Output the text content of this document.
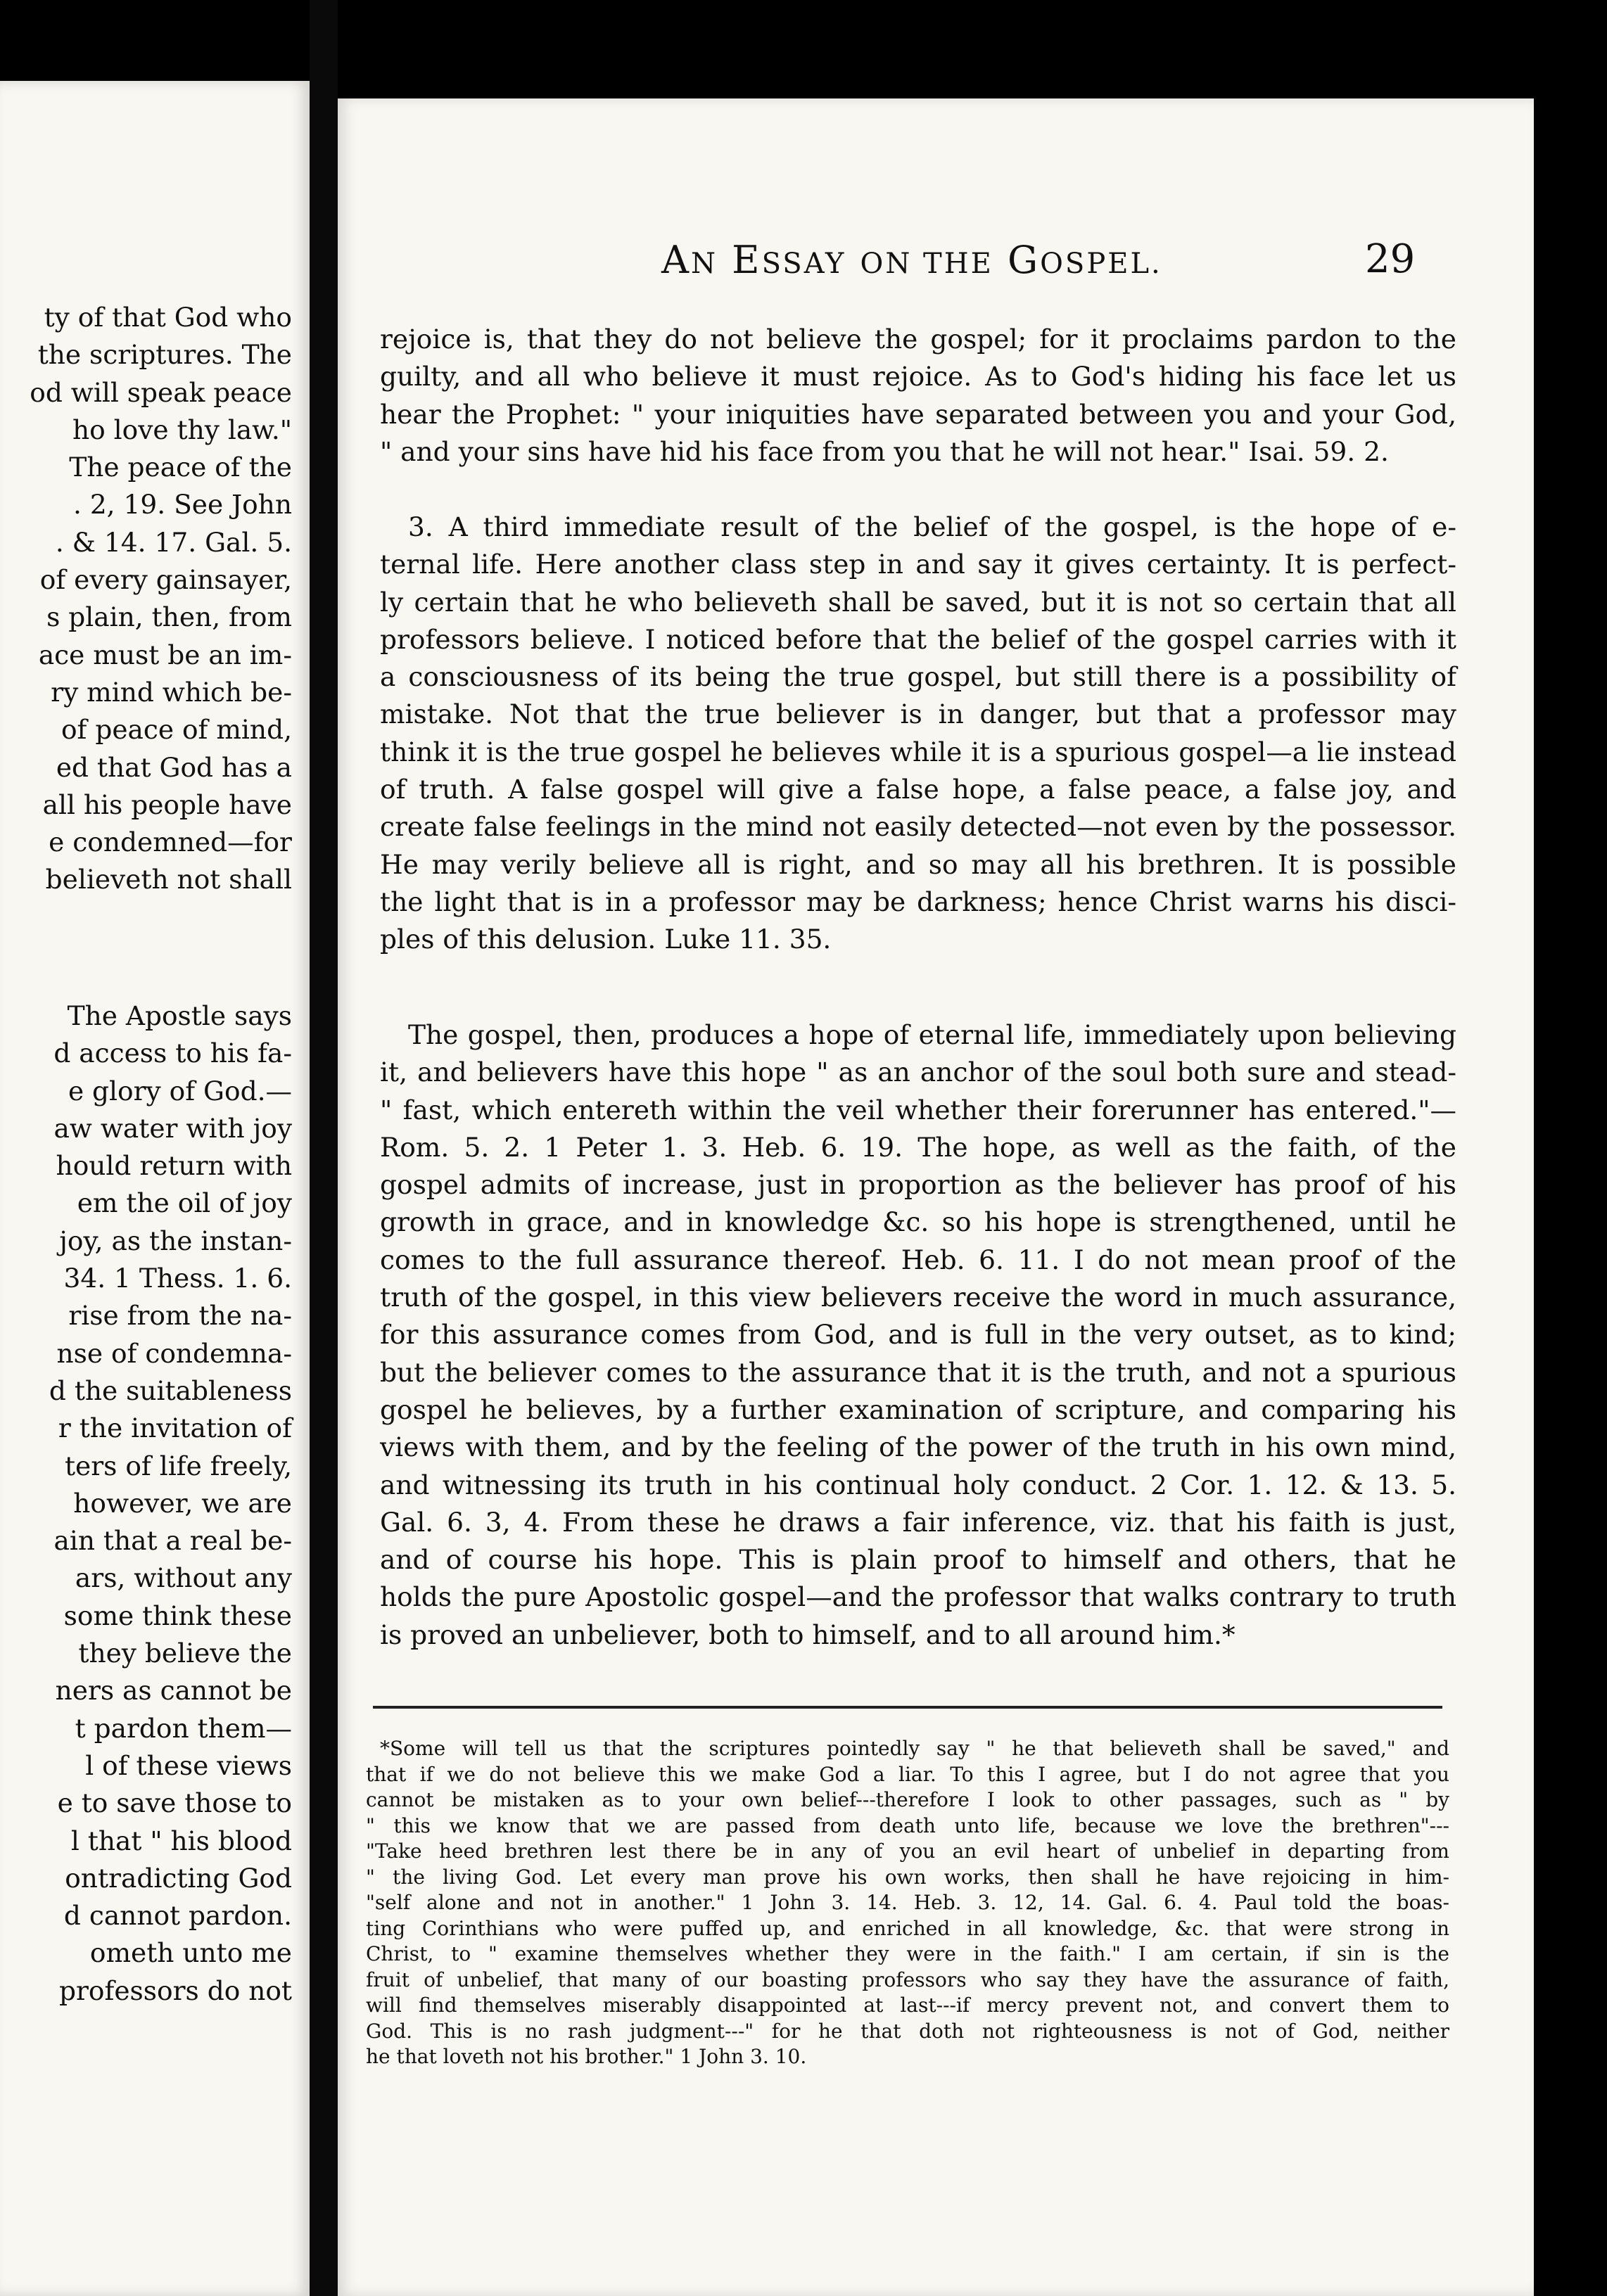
ty of that God who

the scriptures. The

od will speak peace

ho love thy law."

The peace of the

. 2, 19. See John

. & 14. 17. Gal. 5.

of every gainsayer,

s plain, then, from

ace must be an im-

ry mind which be-

of peace of mind,

ed that God has a

all his people have

e condemned—for

believeth not shall

The Apostle says

d access to his fa-

e glory of God.—

aw water with joy

hould return with

em the oil of joy

joy, as the instan-

34. 1 Thess. 1. 6.

rise from the na-

nse of condemna-

d the suitableness

r the invitation of

ters of life freely,

however, we are

ain that a real be-

ars, without any

some think these

they believe the

ners as cannot be

t pardon them—

l of these views

e to save those to

l that " his blood

ontradicting God

d cannot pardon.

ometh unto me

professors do not

AN ESSAY ON THE GOSPEL.	29

rejoice is, that they do not believe the gospel; for it proclaims pardon to the

guilty, and all who believe it must rejoice. As to God's hiding his face let us

hear the Prophet: " your iniquities have separated between you and your God,

" and your sins have hid his face from you that he will not hear." Isai. 59. 2.

3. A third immediate result of the belief of the gospel, is the hope of e-

ternal life. Here another class step in and say it gives certainty. It is perfect-

ly certain that he who believeth shall be saved, but it is not so certain that all

professors believe. I noticed before that the belief of the gospel carries with it

a consciousness of its being the true gospel, but still there is a possibility of

mistake. Not that the true believer is in danger, but that a professor may

think it is the true gospel he believes while it is a spurious gospel—a lie instead

of truth. A false gospel will give a false hope, a false peace, a false joy, and

create false feelings in the mind not easily detected—not even by the possessor.

He may verily believe all is right, and so may all his brethren. It is possible

the light that is in a professor may be darkness; hence Christ warns his disci-

ples of this delusion. Luke 11. 35.

The gospel, then, produces a hope of eternal life, immediately upon believing

it, and believers have this hope " as an anchor of the soul both sure and stead-

" fast, which entereth within the veil whether their forerunner has entered."—

Rom. 5. 2. 1 Peter 1. 3. Heb. 6. 19. The hope, as well as the faith, of the

gospel admits of increase, just in proportion as the believer has proof of his

growth in grace, and in knowledge &c. so his hope is strengthened, until he

comes to the full assurance thereof. Heb. 6. 11. I do not mean proof of the

truth of the gospel, in this view believers receive the word in much assurance,

for this assurance comes from God, and is full in the very outset, as to kind;

but the believer comes to the assurance that it is the truth, and not a spurious

gospel he believes, by a further examination of scripture, and comparing his

views with them, and by the feeling of the power of the truth in his own mind,

and witnessing its truth in his continual holy conduct. 2 Cor. 1. 12. & 13. 5.

Gal. 6. 3, 4. From these he draws a fair inference, viz. that his faith is just,

and of course his hope. This is plain proof to himself and others, that he

holds the pure Apostolic gospel—and the professor that walks contrary to truth

is proved an unbeliever, both to himself, and to all around him.*

*Some will tell us that the scriptures pointedly say " he that believeth shall be saved," and

that if we do not believe this we make God a liar. To this I agree, but I do not agree that you

cannot be mistaken as to your own belief---therefore I look to other passages, such as " by

" this we know that we are passed from death unto life, because we love the brethren"---

"Take heed brethren lest there be in any of you an evil heart of unbelief in departing from

" the living God. Let every man prove his own works, then shall he have rejoicing in him-

"self alone and not in another." 1 John 3. 14. Heb. 3. 12, 14. Gal. 6. 4. Paul told the boas-

ting Corinthians who were puffed up, and enriched in all knowledge, &c. that were strong in

Christ, to " examine themselves whether they were in the faith." I am certain, if sin is the

fruit of unbelief, that many of our boasting professors who say they have the assurance of faith,

will find themselves miserably disappointed at last---if mercy prevent not, and convert them to

God. This is no rash judgment---" for he that doth not righteousness is not of God, neither

he that loveth not his brother." 1 John 3. 10.
